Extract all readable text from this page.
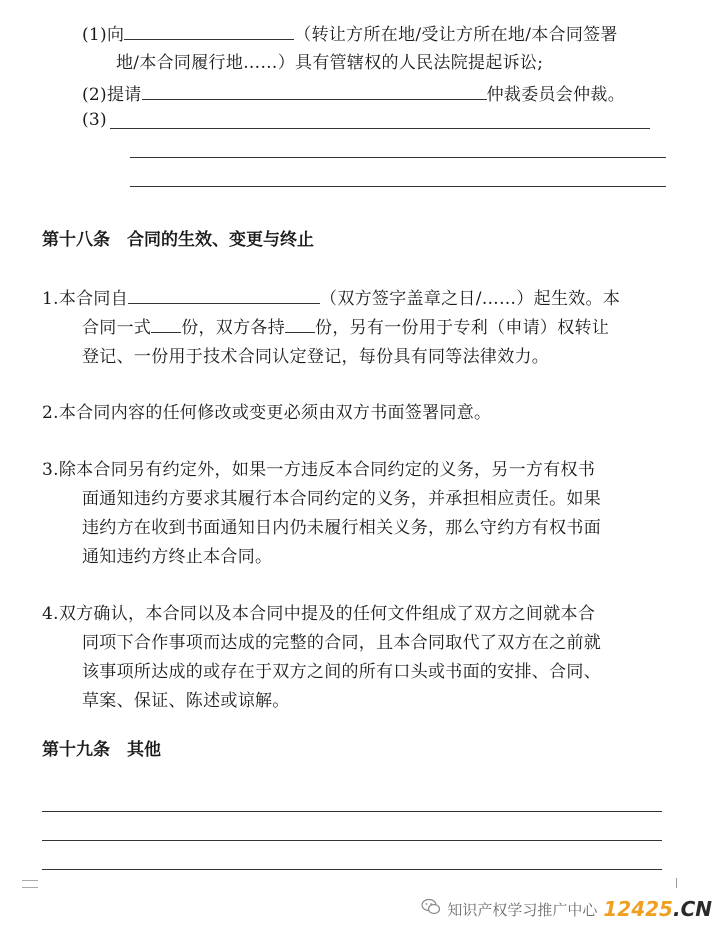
(1)向	（转让方所在地/受让方所在地/本合同签署
地/本合同履行地……）具有管辖权的人民法院提起诉讼;
(2)提请	仲裁委员会仲裁。
(3)
第十八条　合同的生效、变更与终止
1.本合同自	（双方签字盖章之日/……）起生效。本
合同一式 份，双方各持 份，另有一份用于专利（申请）权转让
登记、一份用于技术合同认定登记，每份具有同等法律效力。
2.本合同内容的任何修改或变更必须由双方书面签署同意。
3.除本合同另有约定外，如果一方违反本合同约定的义务，另一方有权书
面通知违约方要求其履行本合同约定的义务，并承担相应责任。如果
违约方在收到书面通知日内仍未履行相关义务，那么守约方有权书面
通知违约方终止本合同。
4.双方确认，本合同以及本合同中提及的任何文件组成了双方之间就本合
同项下合作事项而达成的完整的合同，且本合同取代了双方在之前就
该事项所达成的或存在于双方之间的所有口头或书面的安排、合同、
草案、保证、陈述或谅解。
第十九条　其他
知识产权学习推广中心 12425.CN
